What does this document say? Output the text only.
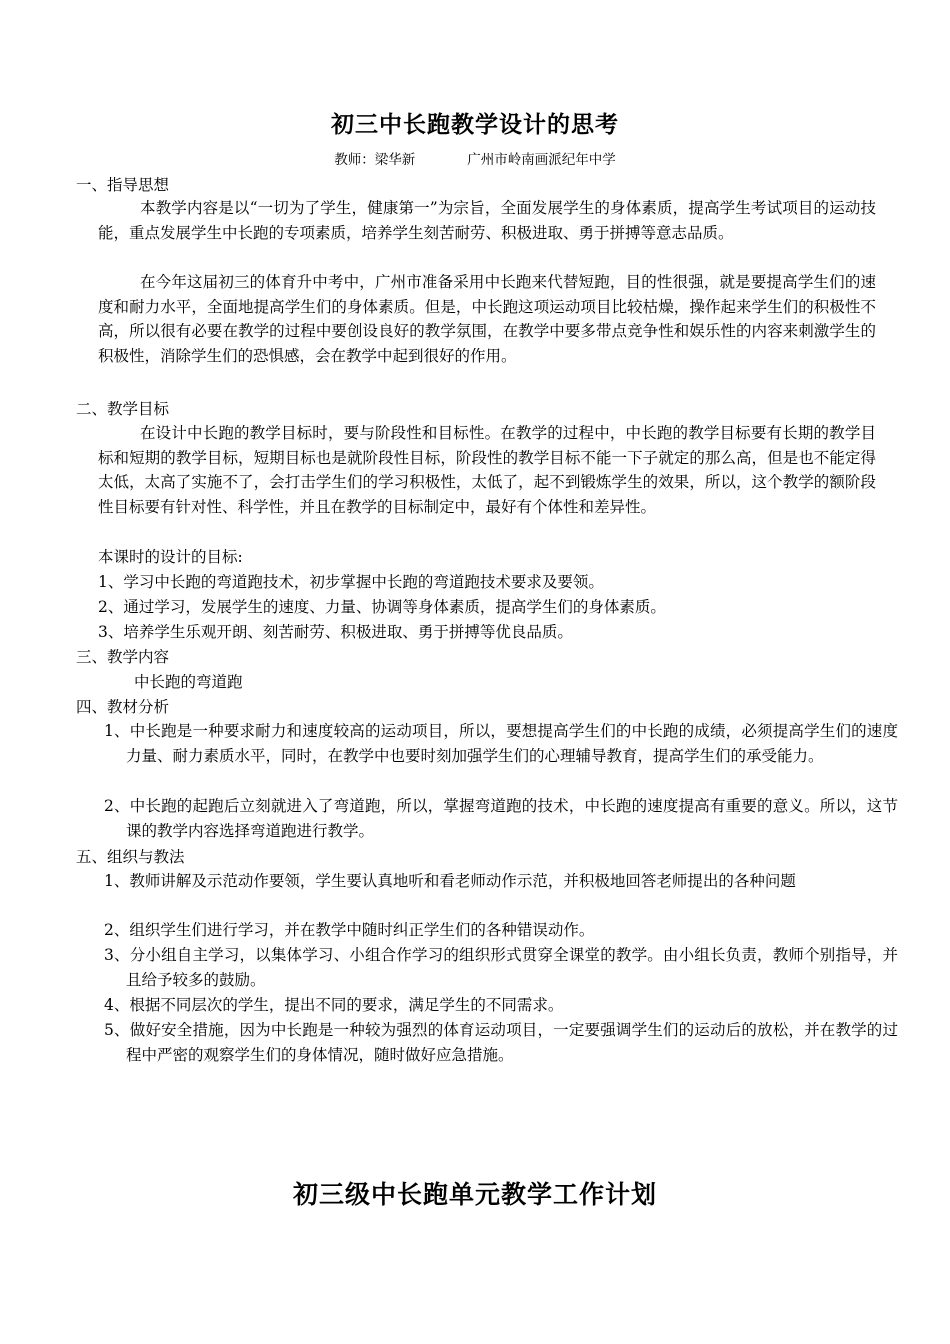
初三中长跑教学设计的思考
教师：梁华新	广州市岭南画派纪年中学
一、指导思想
本教学内容是以“一切为了学生，健康第一”为宗旨，全面发展学生的身体素质，提高学生考试项目的运动技能，重点发展学生中长跑的专项素质，培养学生刻苦耐劳、积极进取、勇于拼搏等意志品质。
在今年这届初三的体育升中考中，广州市准备采用中长跑来代替短跑，目的性很强，就是要提高学生们的速度和耐力水平，全面地提高学生们的身体素质。但是，中长跑这项运动项目比较枯燥，操作起来学生们的积极性不高，所以很有必要在教学的过程中要创设良好的教学氛围，在教学中要多带点竞争性和娱乐性的内容来刺激学生的积极性，消除学生们的恐惧感，会在教学中起到很好的作用。
二、教学目标
在设计中长跑的教学目标时，要与阶段性和目标性。在教学的过程中，中长跑的教学目标要有长期的教学目标和短期的教学目标，短期目标也是就阶段性目标，阶段性的教学目标不能一下子就定的那么高，但是也不能定得太低，太高了实施不了，会打击学生们的学习积极性，太低了，起不到锻炼学生的效果，所以，这个教学的额阶段性目标要有针对性、科学性，并且在教学的目标制定中，最好有个体性和差异性。
本课时的设计的目标:
1、学习中长跑的弯道跑技术，初步掌握中长跑的弯道跑技术要求及要领。
2、通过学习，发展学生的速度、力量、协调等身体素质，提高学生们的身体素质。
3、培养学生乐观开朗、刻苦耐劳、积极进取、勇于拼搏等优良品质。
三、教学内容
中长跑的弯道跑
四、教材分析
1、中长跑是一种要求耐力和速度较高的运动项目，所以，要想提高学生们的中长跑的成绩，必须提高学生们的速度力量、耐力素质水平，同时，在教学中也要时刻加强学生们的心理辅导教育，提高学生们的承受能力。
2、中长跑的起跑后立刻就进入了弯道跑，所以，掌握弯道跑的技术，中长跑的速度提高有重要的意义。所以，这节课的教学内容选择弯道跑进行教学。
五、组织与教法
1、教师讲解及示范动作要领，学生要认真地听和看老师动作示范，并积极地回答老师提出的各种问题
2、组织学生们进行学习，并在教学中随时纠正学生们的各种错误动作。
3、分小组自主学习，以集体学习、小组合作学习的组织形式贯穿全课堂的教学。由小组长负责，教师个别指导，并且给予较多的鼓励。
4、根据不同层次的学生，提出不同的要求，满足学生的不同需求。
5、做好安全措施，因为中长跑是一种较为强烈的体育运动项目，一定要强调学生们的运动后的放松，并在教学的过程中严密的观察学生们的身体情况，随时做好应急措施。
初三级中长跑单元教学工作计划
